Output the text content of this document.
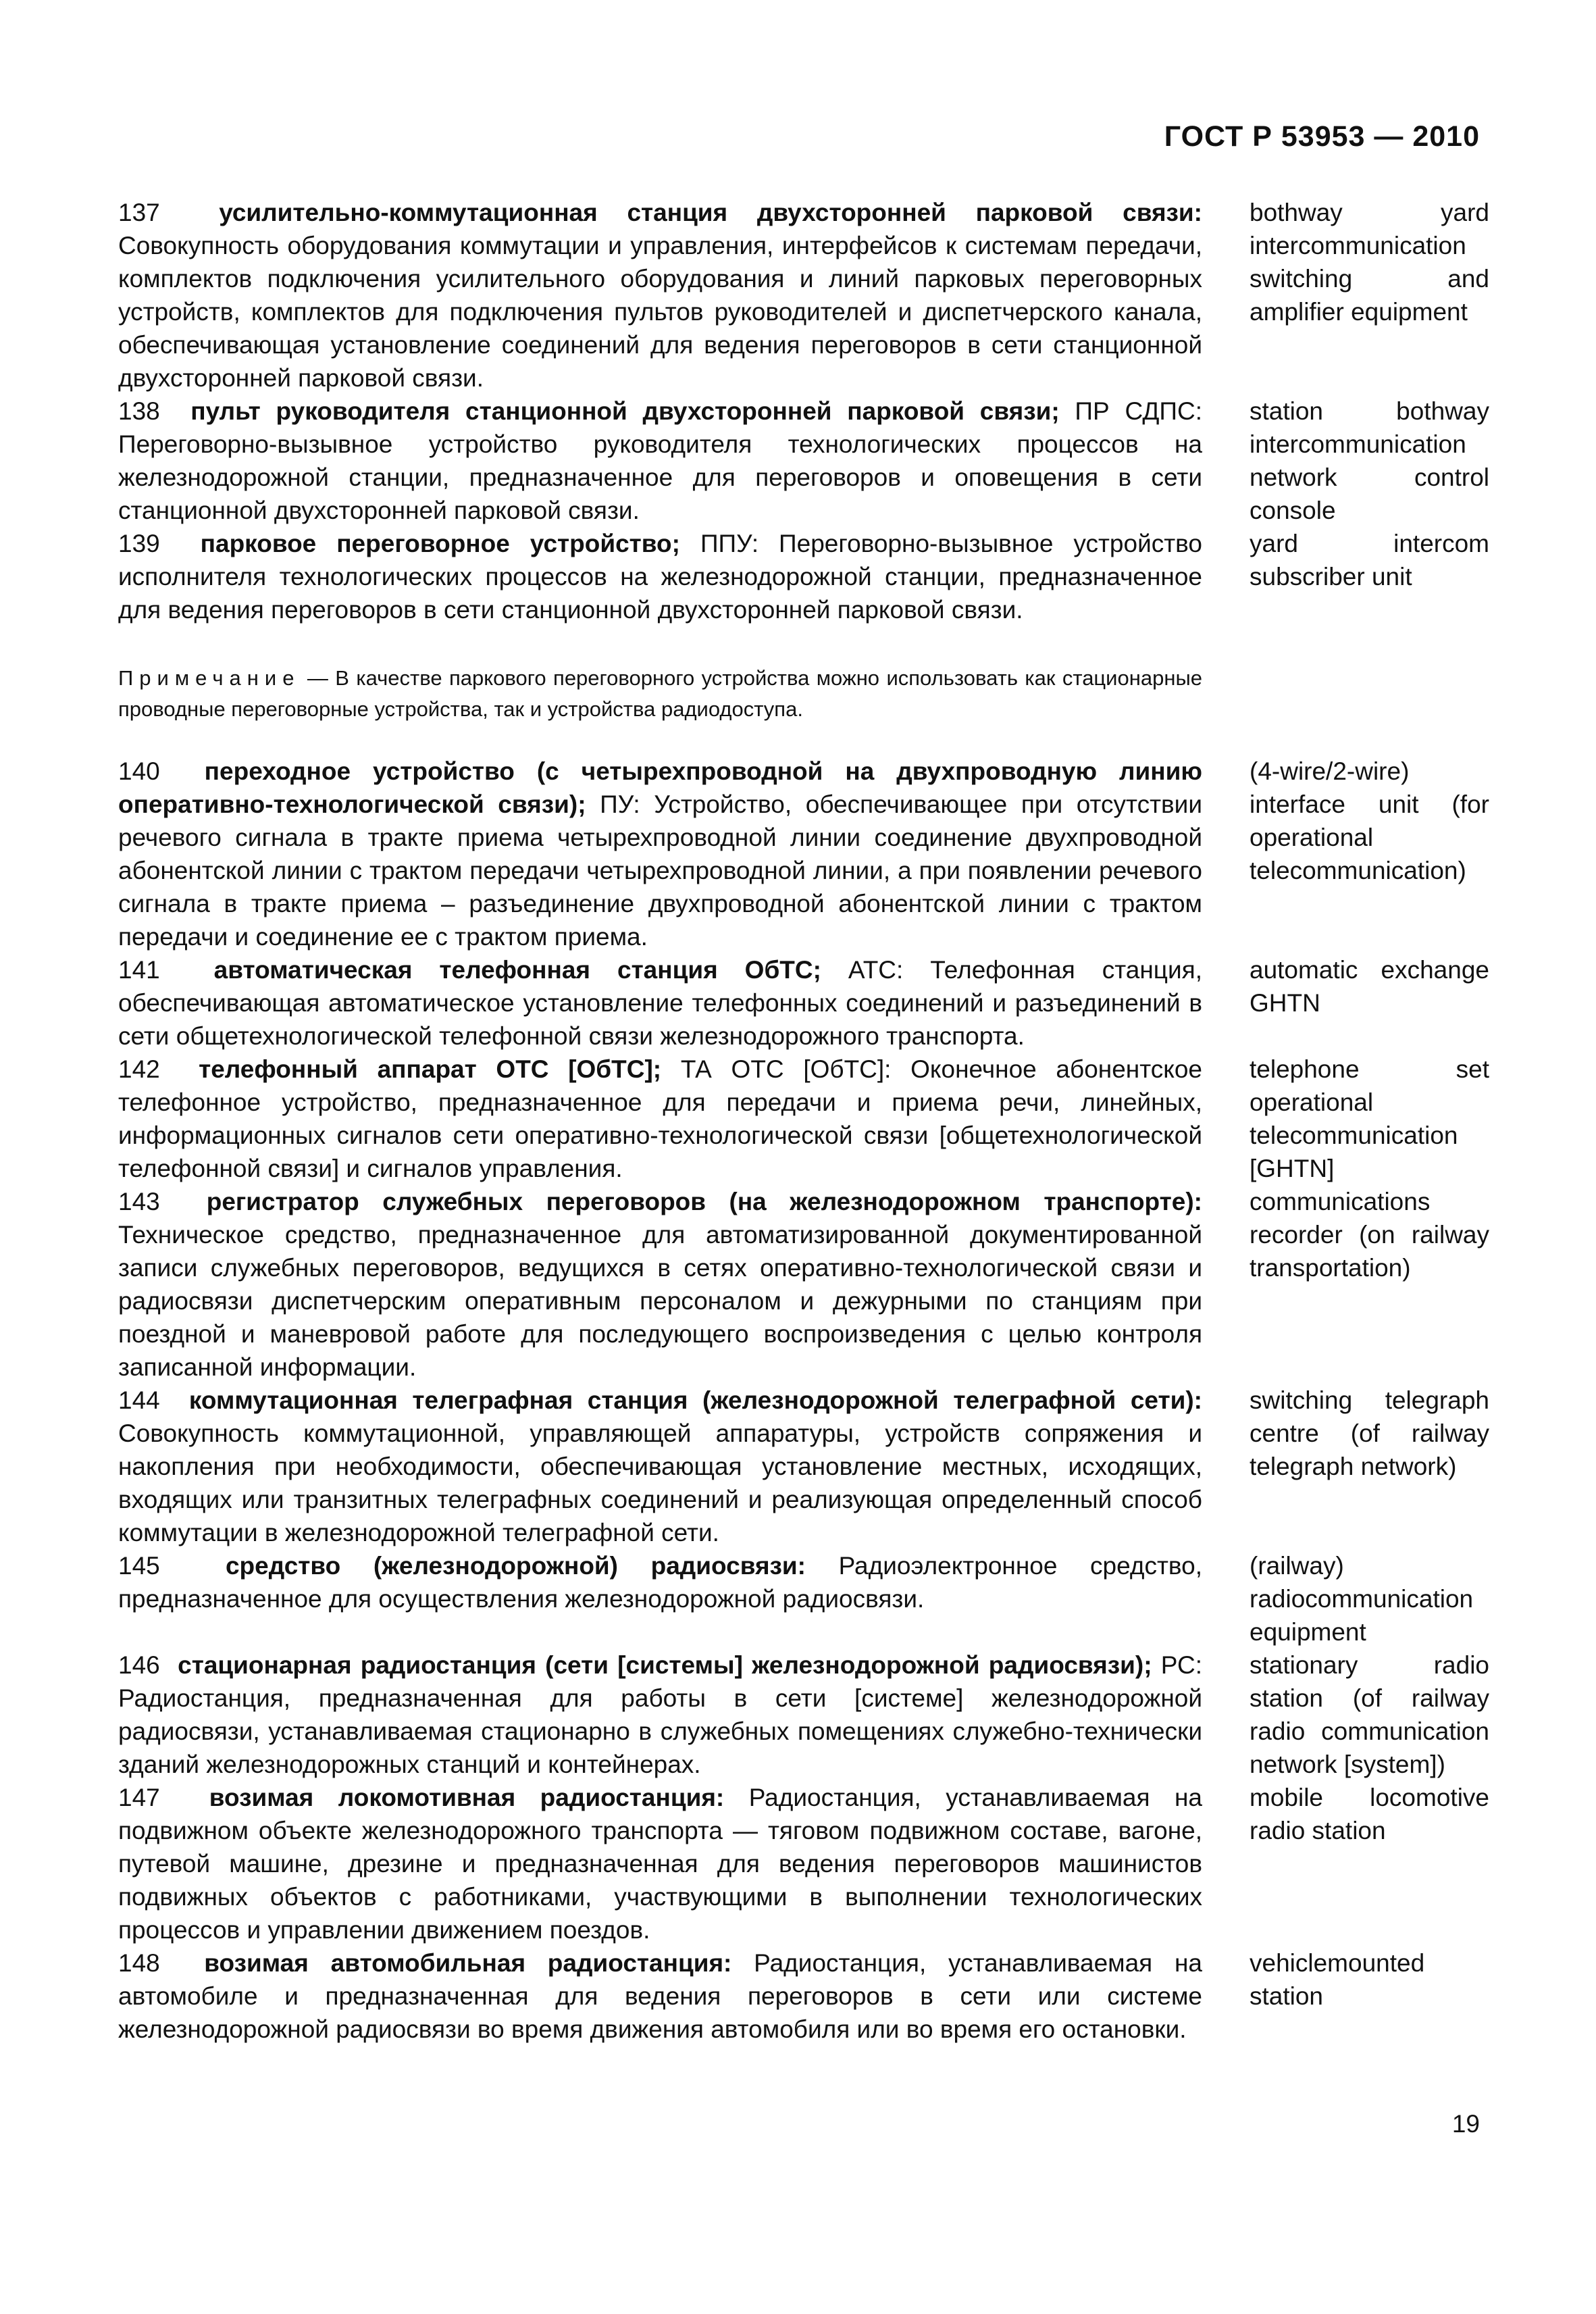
ГОСТ Р 53953 — 2010
137 усилительно-коммутационная станция двухсторонней парковой связи: Совокупность оборудования коммутации и управления, интерфейсов к системам передачи, комплектов подключения усилительного оборудования и линий парковых переговорных устройств, комплектов для подключения пультов руководителей и диспетчерского канала, обеспечивающая установление соединений для ведения переговоров в сети станционной двухсторонней парковой связи.
bothway yard intercommunication switching and amplifier equipment
138 пульт руководителя станционной двухсторонней парковой связи; ПР СДПС: Переговорно-вызывное устройство руководителя технологических процессов на железнодорожной станции, предназначенное для переговоров и оповещения в сети станционной двухсторонней парковой связи.
station bothway intercommunication network control console
139 парковое переговорное устройство; ППУ: Переговорно-вызывное устройство исполнителя технологических процессов на железнодорожной станции, предназначенное для ведения переговоров в сети станционной двухсторонней парковой связи.
yard intercom subscriber unit
Примечание — В качестве паркового переговорного устройства можно использовать как стационарные проводные переговорные устройства, так и устройства радиодоступа.
140 переходное устройство (с четырехпроводной на двухпроводную линию оперативно-технологической связи); ПУ: Устройство, обеспечивающее при отсутствии речевого сигнала в тракте приема четырехпроводной линии соединение двухпроводной абонентской линии с трактом передачи четырехпроводной линии, а при появлении речевого сигнала в тракте приема – разъединение двухпроводной абонентской линии с трактом передачи и соединение ее с трактом приема.
(4-wire/2-wire) interface unit (for operational telecommunication)
141 автоматическая телефонная станция ОбТС; АТС: Телефонная станция, обеспечивающая автоматическое установление телефонных соединений и разъединений в сети общетехнологической телефонной связи железнодорожного транспорта.
automatic exchange GHTN
142 телефонный аппарат ОТС [ОбТС]; ТА ОТС [ОбТС]: Оконечное абонентское телефонное устройство, предназначенное для передачи и приема речи, линейных, информационных сигналов сети оперативно-технологической связи [общетехнологической телефонной связи] и сигналов управления.
telephone set operational telecommunication [GHTN]
143 регистратор служебных переговоров (на железнодорожном транспорте): Техническое средство, предназначенное для автоматизированной документированной записи служебных переговоров, ведущихся в сетях оперативно-технологической связи и радиосвязи диспетчерским оперативным персоналом и дежурными по станциям при поездной и маневровой работе для последующего воспроизведения с целью контроля записанной информации.
communications recorder (on railway transportation)
144 коммутационная телеграфная станция (железнодорожной телеграфной сети): Совокупность коммутационной, управляющей аппаратуры, устройств сопряжения и накопления при необходимости, обеспечивающая установление местных, исходящих, входящих или транзитных телеграфных соединений и реализующая определенный способ коммутации в железнодорожной телеграфной сети.
switching telegraph centre (of railway telegraph network)
145	средство (железнодорожной) радиосвязи: Радиоэлектронное средство, предназначенное для осуществления железнодорожной радиосвязи.
(railway) radiocommunication equipment
146 стационарная радиостанция (сети [системы] железнодорожной радиосвязи); РС: Радиостанция, предназначенная для работы в сети [системе] железнодорожной радиосвязи, устанавливаемая стационарно в служебных помещениях служебно-технически зданий железнодорожных станций и контейнерах.
stationary radio station (of railway radio communication network [system])
147 возимая локомотивная радиостанция: Радиостанция, устанавливаемая на подвижном объекте железнодорожного транспорта — тяговом подвижном составе, вагоне, путевой машине, дрезине и предназначенная для ведения переговоров машинистов подвижных объектов с работниками, участвующими в выполнении технологических процессов и управлении движением поездов.
mobile locomotive radio station
148 возимая автомобильная радиостанция: Радиостанция, устанавливаемая на автомобиле и предназначенная для ведения переговоров в сети или системе железнодорожной радиосвязи во время движения автомобиля или во время его остановки.
vehiclemounted station
19
